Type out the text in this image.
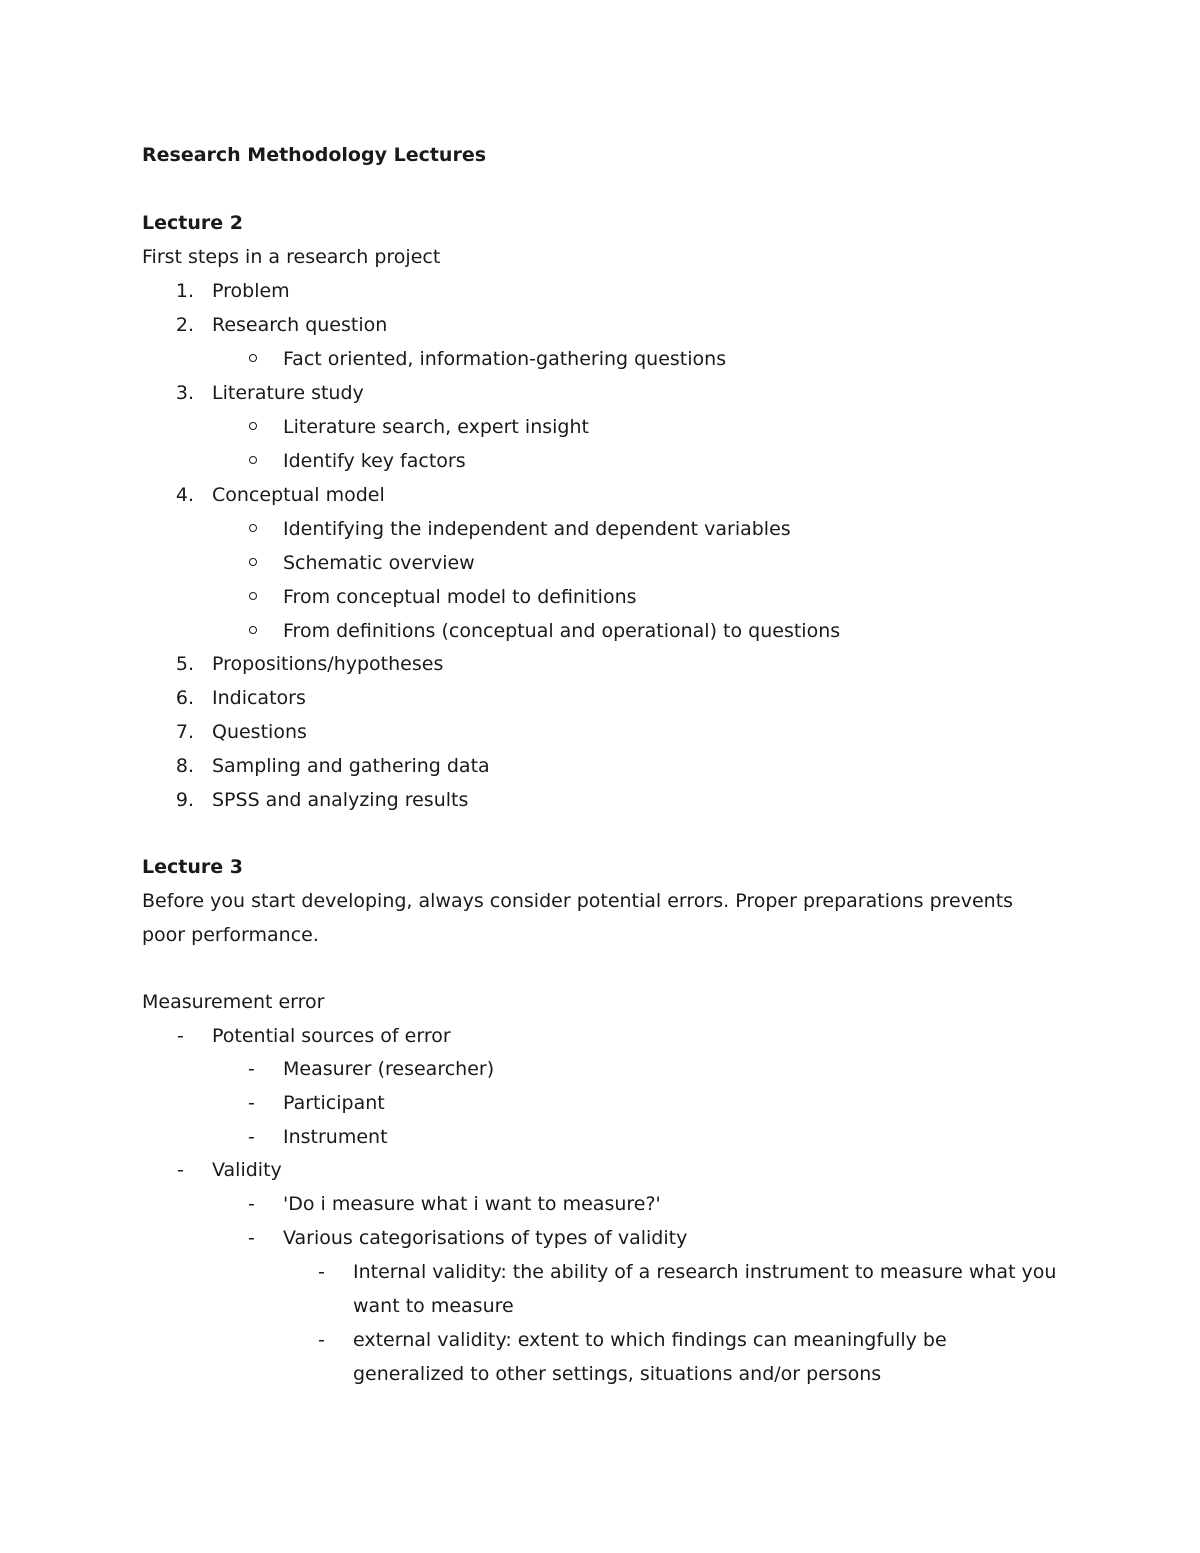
Research Methodology Lectures
Lecture 2
First steps in a research project
1. Problem
2. Research question
Fact oriented, information-gathering questions
3. Literature study
Literature search, expert insight
Identify key factors
4. Conceptual model
Identifying the independent and dependent variables
Schematic overview
From conceptual model to definitions
From definitions (conceptual and operational) to questions
5. Propositions/hypotheses
6. Indicators
7. Questions
8. Sampling and gathering data
9. SPSS and analyzing results
Lecture 3
Before you start developing, always consider potential errors. Proper preparations prevents
poor performance.
Measurement error
- Potential sources of error
- Measurer (researcher)
- Participant
- Instrument
- Validity
- 'Do i measure what i want to measure?'
- Various categorisations of types of validity
- Internal validity: the ability of a research instrument to measure what you
want to measure
- external validity: extent to which findings can meaningfully be
generalized to other settings, situations and/or persons
